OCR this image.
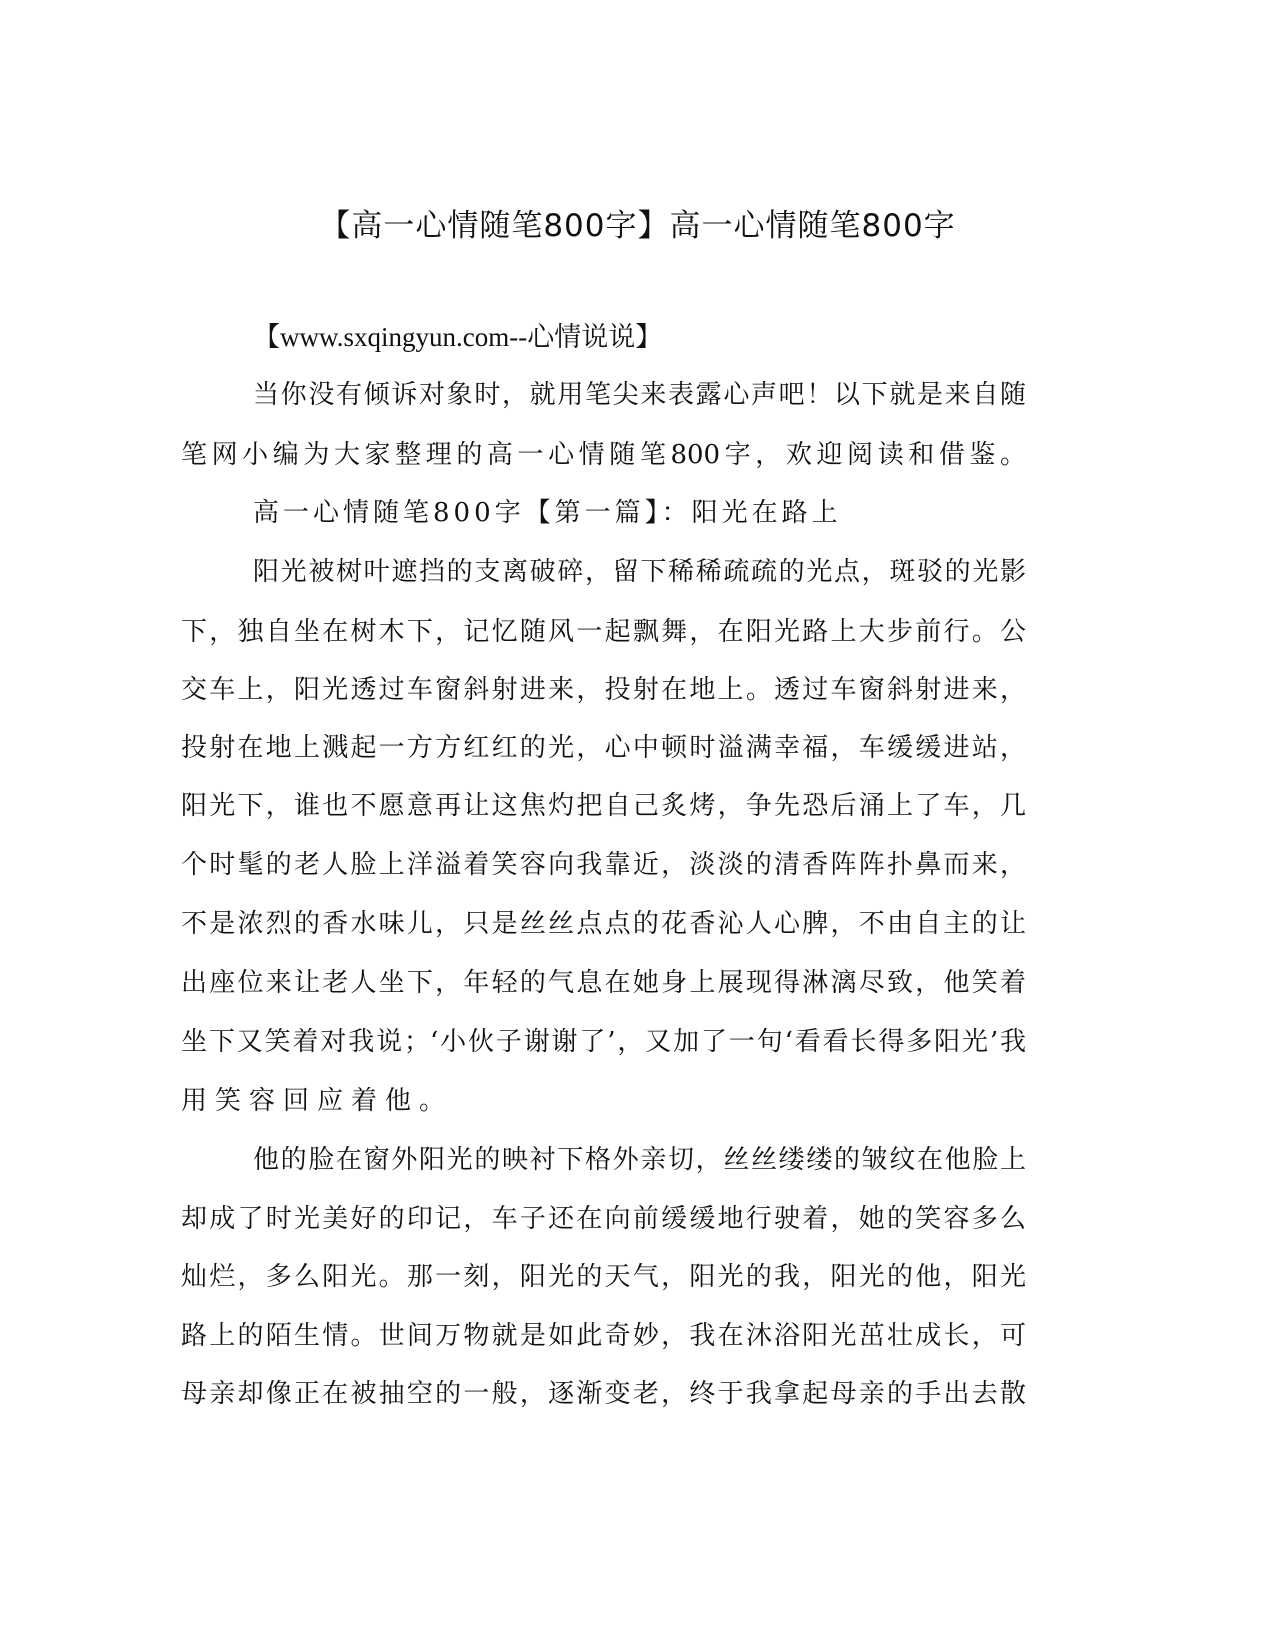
【高一心情随笔800字】高一心情随笔800字
【www.sxqingyun.com--心情说说】
当你没有倾诉对象时，就用笔尖来表露心声吧！以下就是来自随
笔网小编为大家整理的高一心情随笔800字，欢迎阅读和借鉴。
高一心情随笔800字【第一篇】：阳光在路上
阳光被树叶遮挡的支离破碎，留下稀稀疏疏的光点，斑驳的光影
下，独自坐在树木下，记忆随风一起飘舞，在阳光路上大步前行。公
交车上，阳光透过车窗斜射进来，投射在地上。透过车窗斜射进来，
投射在地上溅起一方方红红的光，心中顿时溢满幸福，车缓缓进站，
阳光下，谁也不愿意再让这焦灼把自己炙烤，争先恐后涌上了车，几
个时髦的老人脸上洋溢着笑容向我靠近，淡淡的清香阵阵扑鼻而来，
不是浓烈的香水味儿，只是丝丝点点的花香沁人心脾，不由自主的让
出座位来让老人坐下，年轻的气息在她身上展现得淋漓尽致，他笑着
坐下又笑着对我说；‘小伙子谢谢了’，又加了一句‘看看长得多阳光’我
用笑容回应着他。
他的脸在窗外阳光的映衬下格外亲切，丝丝缕缕的皱纹在他脸上
却成了时光美好的印记，车子还在向前缓缓地行驶着，她的笑容多么
灿烂，多么阳光。那一刻，阳光的天气，阳光的我，阳光的他，阳光
路上的陌生情。世间万物就是如此奇妙，我在沐浴阳光茁壮成长，可
母亲却像正在被抽空的一般，逐渐变老，终于我拿起母亲的手出去散
